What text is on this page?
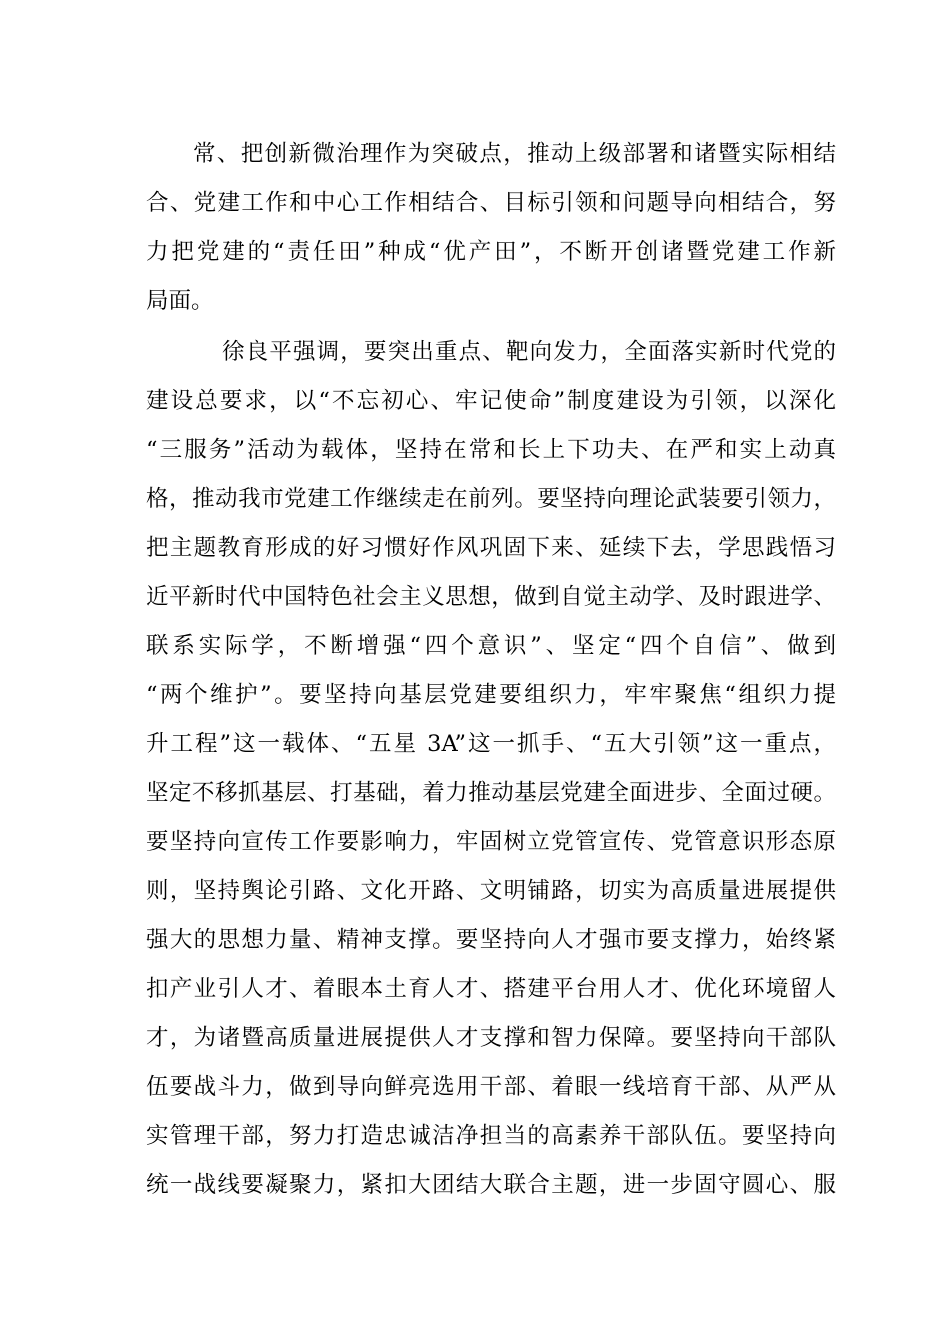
常、把创新微治理作为突破点，推动上级部署和诸暨实际相结
合、党建工作和中心工作相结合、目标引领和问题导向相结合，努
力把党建的“责任田”种成“优产田”，不断开创诸暨党建工作新
局面。
徐良平强调，要突出重点、靶向发力，全面落实新时代党的
建设总要求，以“不忘初心、牢记使命”制度建设为引领，以深化
“三服务”活动为载体，坚持在常和长上下功夫、在严和实上动真
格，推动我市党建工作继续走在前列。要坚持向理论武装要引领力，
把主题教育形成的好习惯好作风巩固下来、延续下去，学思践悟习
近平新时代中国特色社会主义思想，做到自觉主动学、及时跟进学、
联系实际学，不断增强“四个意识”、坚定“四个自信”、做到
“两个维护”。要坚持向基层党建要组织力，牢牢聚焦“组织力提
升工程”这一载体、“五星 3A”这一抓手、“五大引领”这一重点，
坚定不移抓基层、打基础，着力推动基层党建全面进步、全面过硬。
要坚持向宣传工作要影响力，牢固树立党管宣传、党管意识形态原
则，坚持舆论引路、文化开路、文明铺路，切实为高质量进展提供
强大的思想力量、精神支撑。要坚持向人才强市要支撑力，始终紧
扣产业引人才、着眼本土育人才、搭建平台用人才、优化环境留人
才，为诸暨高质量进展提供人才支撑和智力保障。要坚持向干部队
伍要战斗力，做到导向鲜亮选用干部、着眼一线培育干部、从严从
实管理干部，努力打造忠诚洁净担当的高素养干部队伍。要坚持向
统一战线要凝聚力，紧扣大团结大联合主题，进一步固守圆心、服
